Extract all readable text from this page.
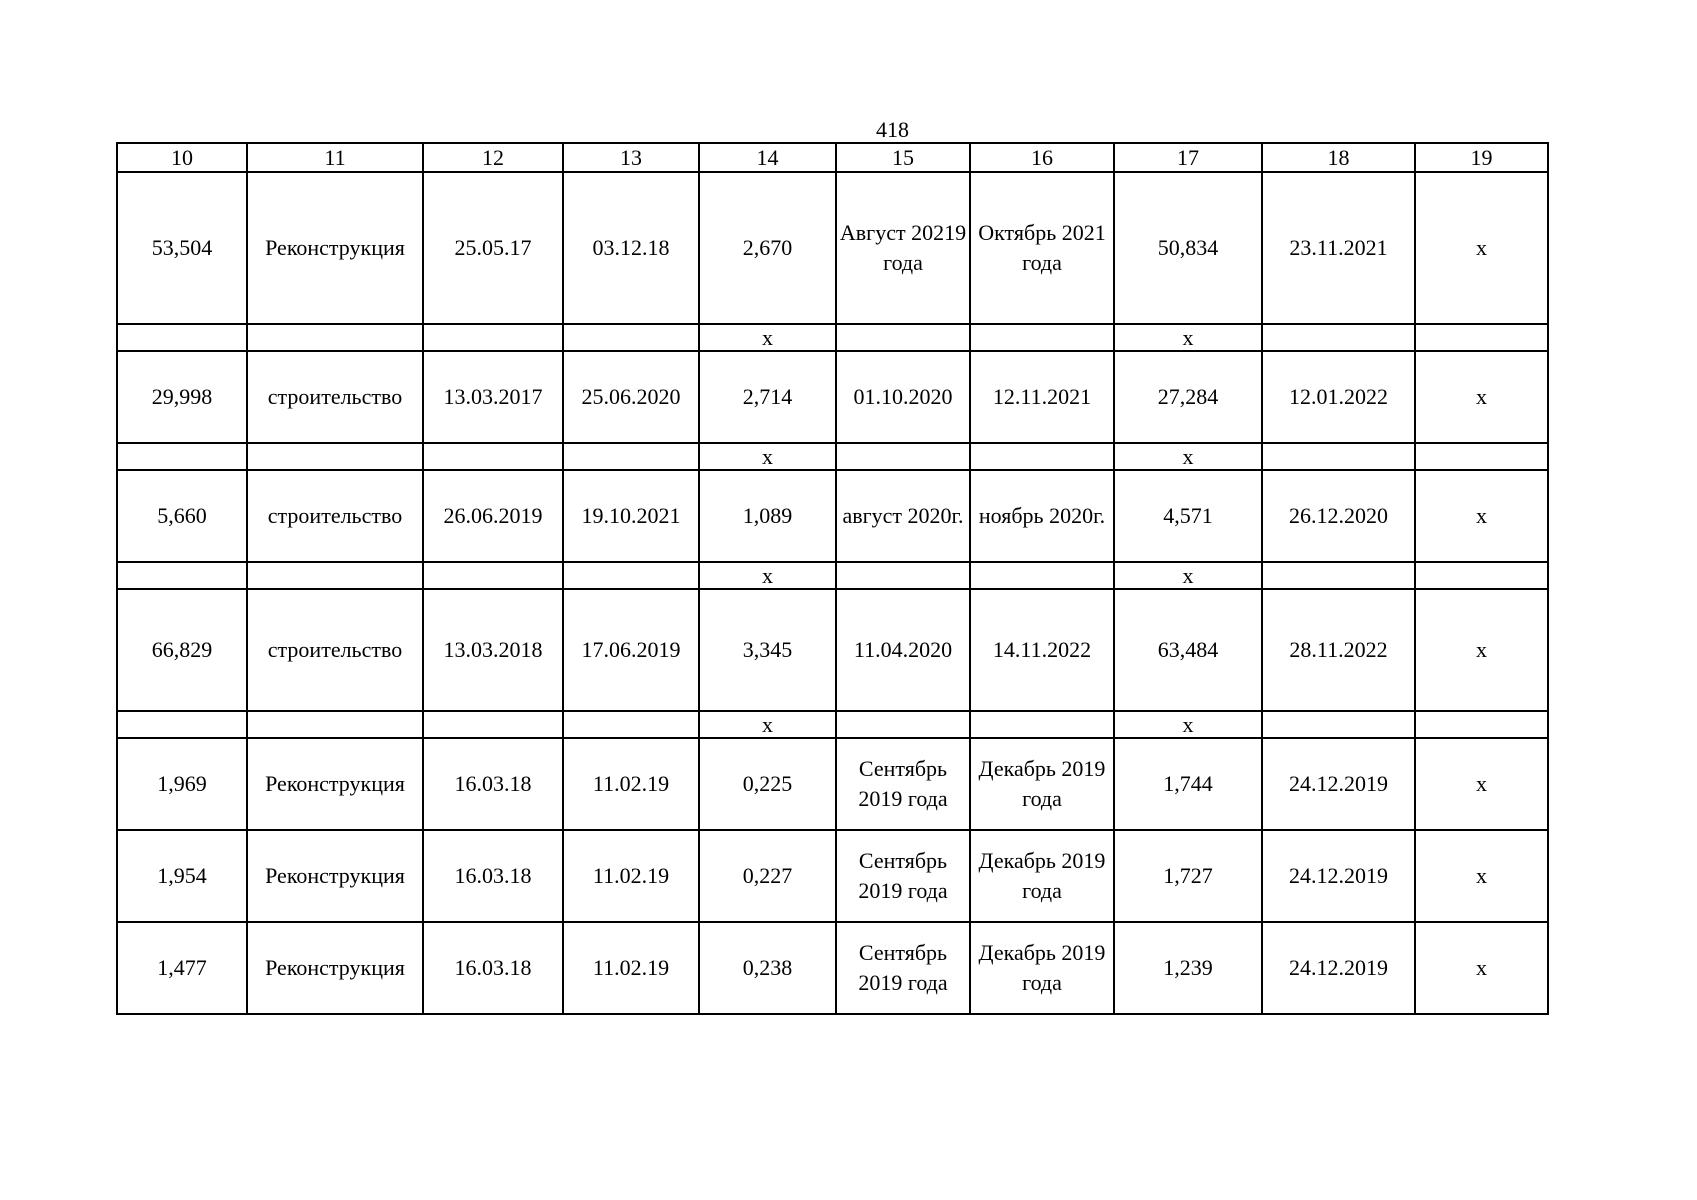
418
10	11	12	13	14	15	16	17	18	19
53,504	Реконструкция	25.05.17	03.12.18	2,670	Август 20219 года	Октябрь 2021 года	50,834	23.11.2021	x
				x			x		
29,998	строительство	13.03.2017	25.06.2020	2,714	01.10.2020	12.11.2021	27,284	12.01.2022	x
				x			x		
5,660	строительство	26.06.2019	19.10.2021	1,089	август 2020г.	ноябрь 2020г.	4,571	26.12.2020	x
				x			x		
66,829	строительство	13.03.2018	17.06.2019	3,345	11.04.2020	14.11.2022	63,484	28.11.2022	x
				x			x		
1,969	Реконструкция	16.03.18	11.02.19	0,225	Сентябрь 2019 года	Декабрь 2019 года	1,744	24.12.2019	x
1,954	Реконструкция	16.03.18	11.02.19	0,227	Сентябрь 2019 года	Декабрь 2019 года	1,727	24.12.2019	x
1,477	Реконструкция	16.03.18	11.02.19	0,238	Сентябрь 2019 года	Декабрь 2019 года	1,239	24.12.2019	x
